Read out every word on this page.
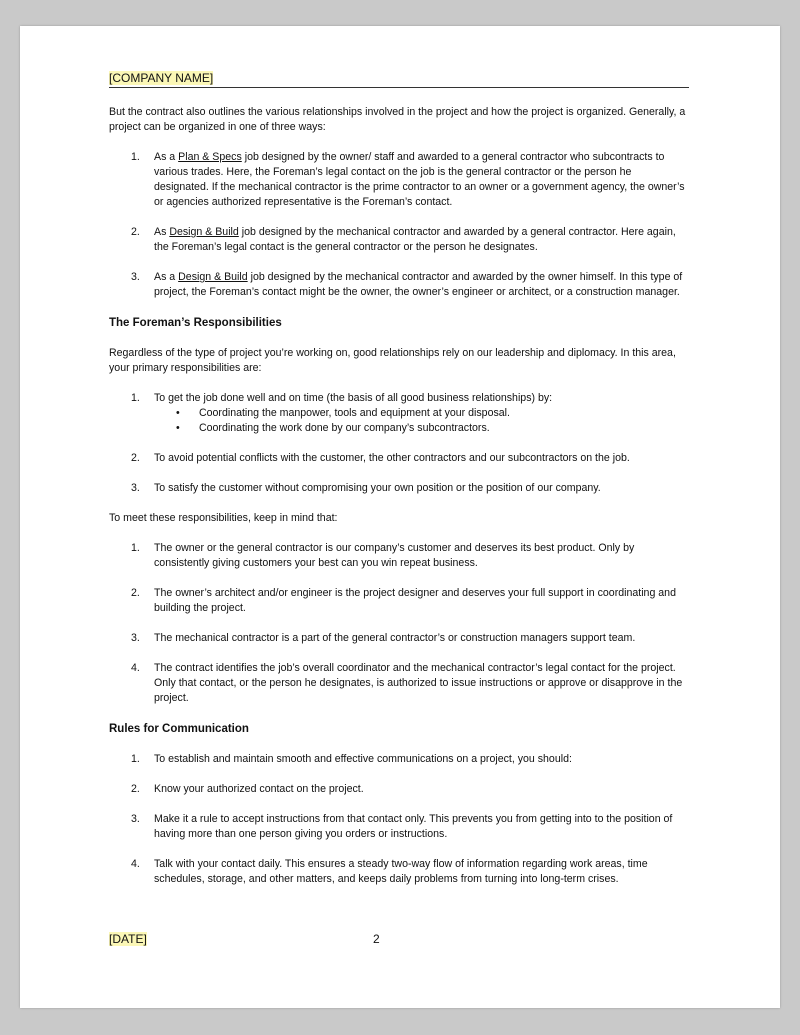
[COMPANY NAME]

But the contract also outlines the various relationships involved in the project and how the project is organized. Generally, a project can be organized in one of three ways:

1. As a Plan & Specs job designed by the owner/ staff and awarded to a general contractor who subcontracts to various trades. Here, the Foreman’s legal contact on the job is the general contractor or the person he designated. If the mechanical contractor is the prime contractor to an owner or a government agency, the owner’s or agencies authorized representative is the Foreman’s contact.
2. As Design & Build job designed by the mechanical contractor and awarded by a general contractor. Here again, the Foreman’s legal contact is the general contractor or the person he designates.
3. As a Design & Build job designed by the mechanical contractor and awarded by the owner himself. In this type of project, the Foreman’s contact might be the owner, the owner’s engineer or architect, or a construction manager.

The Foreman’s Responsibilities

Regardless of the type of project you’re working on, good relationships rely on our leadership and diplomacy. In this area, your primary responsibilities are:

1. To get the job done well and on time (the basis of all good business relationships) by:
• Coordinating the manpower, tools and equipment at your disposal.
• Coordinating the work done by our company’s subcontractors.
2. To avoid potential conflicts with the customer, the other contractors and our subcontractors on the job.
3. To satisfy the customer without compromising your own position or the position of our company.

To meet these responsibilities, keep in mind that:

1. The owner or the general contractor is our company’s customer and deserves its best product. Only by consistently giving customers your best can you win repeat business.
2. The owner’s architect and/or engineer is the project designer and deserves your full support in coordinating and building the project.
3. The mechanical contractor is a part of the general contractor’s or construction managers support team.
4. The contract identifies the job’s overall coordinator and the mechanical contractor’s legal contact for the project. Only that contact, or the person he designates, is authorized to issue instructions or approve or disapprove in the project.

Rules for Communication

1. To establish and maintain smooth and effective communications on a project, you should:
2. Know your authorized contact on the project.
3. Make it a rule to accept instructions from that contact only. This prevents you from getting into to the position of having more than one person giving you orders or instructions.
4. Talk with your contact daily. This ensures a steady two-way flow of information regarding work areas, time schedules, storage, and other matters, and keeps daily problems from turning into long-term crises.
[DATE]	2
